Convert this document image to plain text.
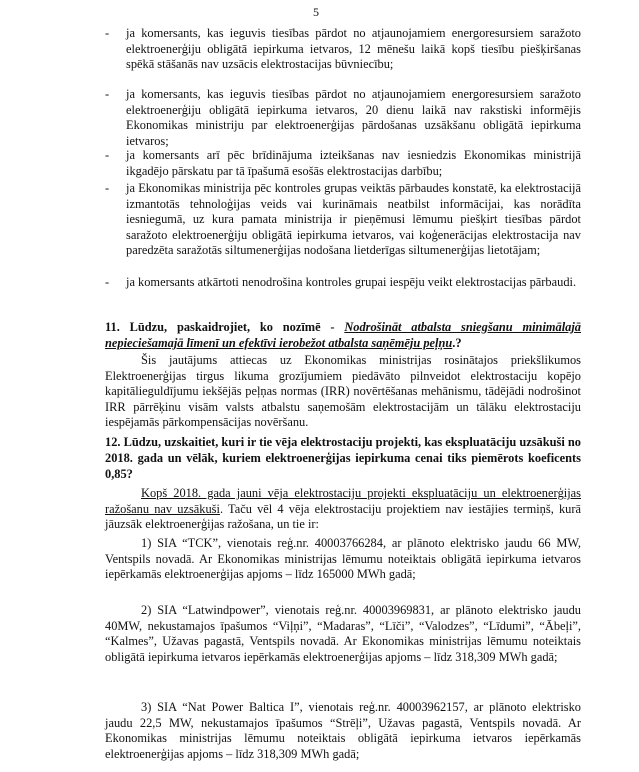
5
- ja komersants, kas ieguvis tiesības pārdot no atjaunojamiem energoresursiem saražoto elektroenerģiju obligātā iepirkuma ietvaros, 12 mēnešu laikā kopš tiesību piešķiršanas spēkā stāšanās nav uzsācis elektrostacijas būvniecību;
- ja komersants, kas ieguvis tiesības pārdot no atjaunojamiem energoresursiem saražoto elektroenerģiju obligātā iepirkuma ietvaros, 20 dienu laikā nav rakstiski informējis Ekonomikas ministriju par elektroenerģijas pārdošanas uzsākšanu obligātā iepirkuma ietvaros;
- ja komersants arī pēc brīdinājuma izteikšanas nav iesniedzis Ekonomikas ministrijā ikgadējo pārskatu par tā īpašumā esošās elektrostacijas darbību;
- ja Ekonomikas ministrija pēc kontroles grupas veiktās pārbaudes konstatē, ka elektrostacijā izmantotās tehnoloģijas veids vai kurināmais neatbilst informācijai, kas norādīta iesniegumā, uz kura pamata ministrija ir pieņēmusi lēmumu piešķirt tiesības pārdot saražoto elektroenerģiju obligātā iepirkuma ietvaros, vai koģenerācijas elektrostacija nav paredzēta saražotās siltumenerģijas nodošana lietderīgas siltumenerģijas lietotājam;
- ja komersants atkārtoti nenodrošina kontroles grupai iespēju veikt elektrostacijas pārbaudi.
11. Lūdzu, paskaidrojiet, ko nozīmē - Nodrošināt atbalsta sniegšanu minimālajā nepieciešamajā līmenī un efektīvi ierobežot atbalsta saņēmēju peļņu.?
Šis jautājums attiecas uz Ekonomikas ministrijas rosinātajos priekšlikumos Elektroenerģijas tirgus likuma grozījumiem piedāvāto pilnveidot elektrostaciju kopējo kapitālieguldījumu iekšējās peļņas normas (IRR) novērtēšanas mehānismu, tādējādi nodrošinot IRR pārrēķinu visām valsts atbalstu saņemošām elektrostacijām un tālāku elektrostaciju iespējamās pārkompensācijas novēršanu.
12. Lūdzu, uzskaitiet, kuri ir tie vēja elektrostaciju projekti, kas ekspluatāciju uzsākuši no 2018. gada un vēlāk, kuriem elektroenerģijas iepirkuma cenai tiks piemērots koeficents 0,85?
Kopš 2018. gada jauni vēja elektrostaciju projekti ekspluatāciju un elektroenerģijas ražošanu nav uzsākuši. Taču vēl 4 vēja elektrostaciju projektiem nav iestājies termiņš, kurā jāuzsāk elektroenerģijas ražošana, un tie ir:
1) SIA “TCK”, vienotais reģ.nr. 40003766284, ar plānoto elektrisko jaudu 66 MW, Ventspils novadā. Ar Ekonomikas ministrijas lēmumu noteiktais obligātā iepirkuma ietvaros iepērkamās elektroenerģijas apjoms – līdz 165000 MWh gadā;
2) SIA “Latwindpower”, vienotais reģ.nr. 40003969831, ar plānoto elektrisko jaudu 40MW, nekustamajos īpašumos “Viļņi”, “Madaras”, “Līči”, “Valodzes”, “Līdumi”, “Ābeļi”, “Kalmes”, Užavas pagastā, Ventspils novadā. Ar Ekonomikas ministrijas lēmumu noteiktais obligātā iepirkuma ietvaros iepērkamās elektroenerģijas apjoms – līdz 318,309 MWh gadā;
3) SIA “Nat Power Baltica I”, vienotais reģ.nr. 40003962157, ar plānoto elektrisko jaudu 22,5 MW, nekustamajos īpašumos “Strēļi”, Užavas pagastā, Ventspils novadā. Ar Ekonomikas ministrijas lēmumu noteiktais obligātā iepirkuma ietvaros iepērkamās elektroenerģijas apjoms – līdz 318,309 MWh gadā;
